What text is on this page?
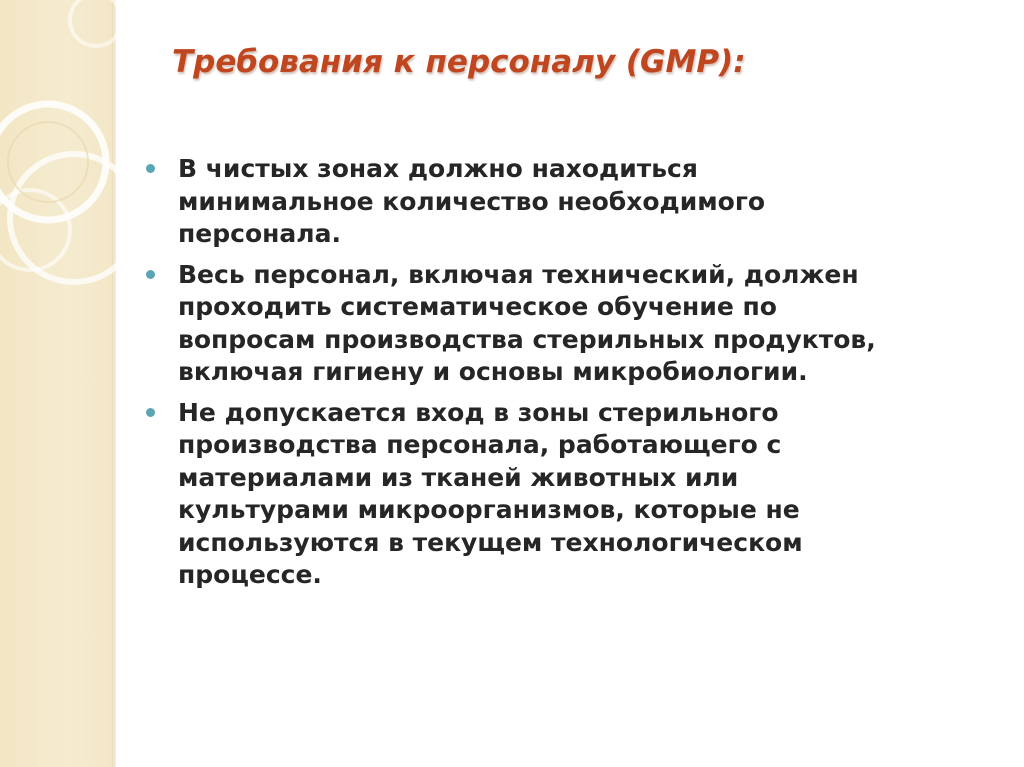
Требования к персоналу (GMP):
В чистых зонах должно находиться
минимальное количество необходимого
персонала.
Весь персонал, включая технический, должен
проходить систематическое обучение по
вопросам производства стерильных продуктов,
включая гигиену и основы микробиологии.
Не допускается вход в зоны стерильного
производства персонала, работающего с
материалами из тканей животных или
культурами микроорганизмов, которые не
используются в текущем технологическом
процессе.
